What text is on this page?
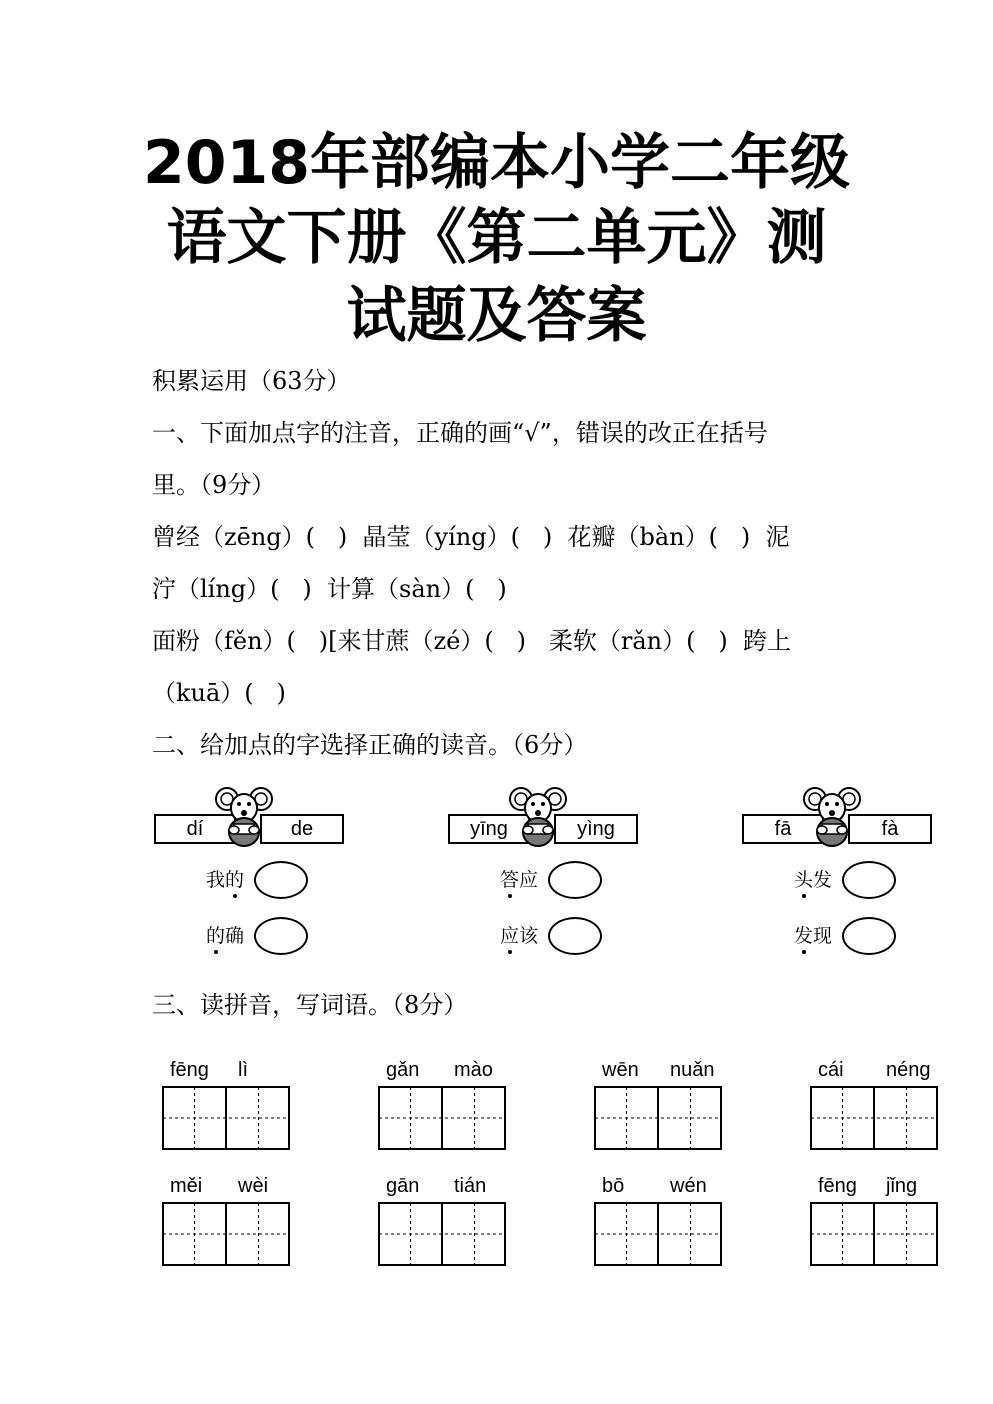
2018年部编本小学二年级
语文下册《第二单元》测
试题及答案
积累运用（63分）
一、下面加点字的注音，正确的画“√”，错误的改正在括号
里。（9分）
曾经（zēng）(   )  晶莹（yíng）(   )  花瓣（bàn）(   )  泥
泞（líng）(   )  计算（sàn）(   )
面粉（fěn）(   )[来甘蔗（zé）(   )   柔软（rǎn）(   )  跨上
（kuā）(   )
二、给加点的字选择正确的读音。（6分）
dí	de
我的
的确
yīng	yìng
答应
应该
fā	fà
头发
发现
三、读拼音，写词语。（8分）
fēng lì	gǎn mào	wēn nuǎn	cái néng
měi wèi	gān tián	bō wén	fēng jǐng
